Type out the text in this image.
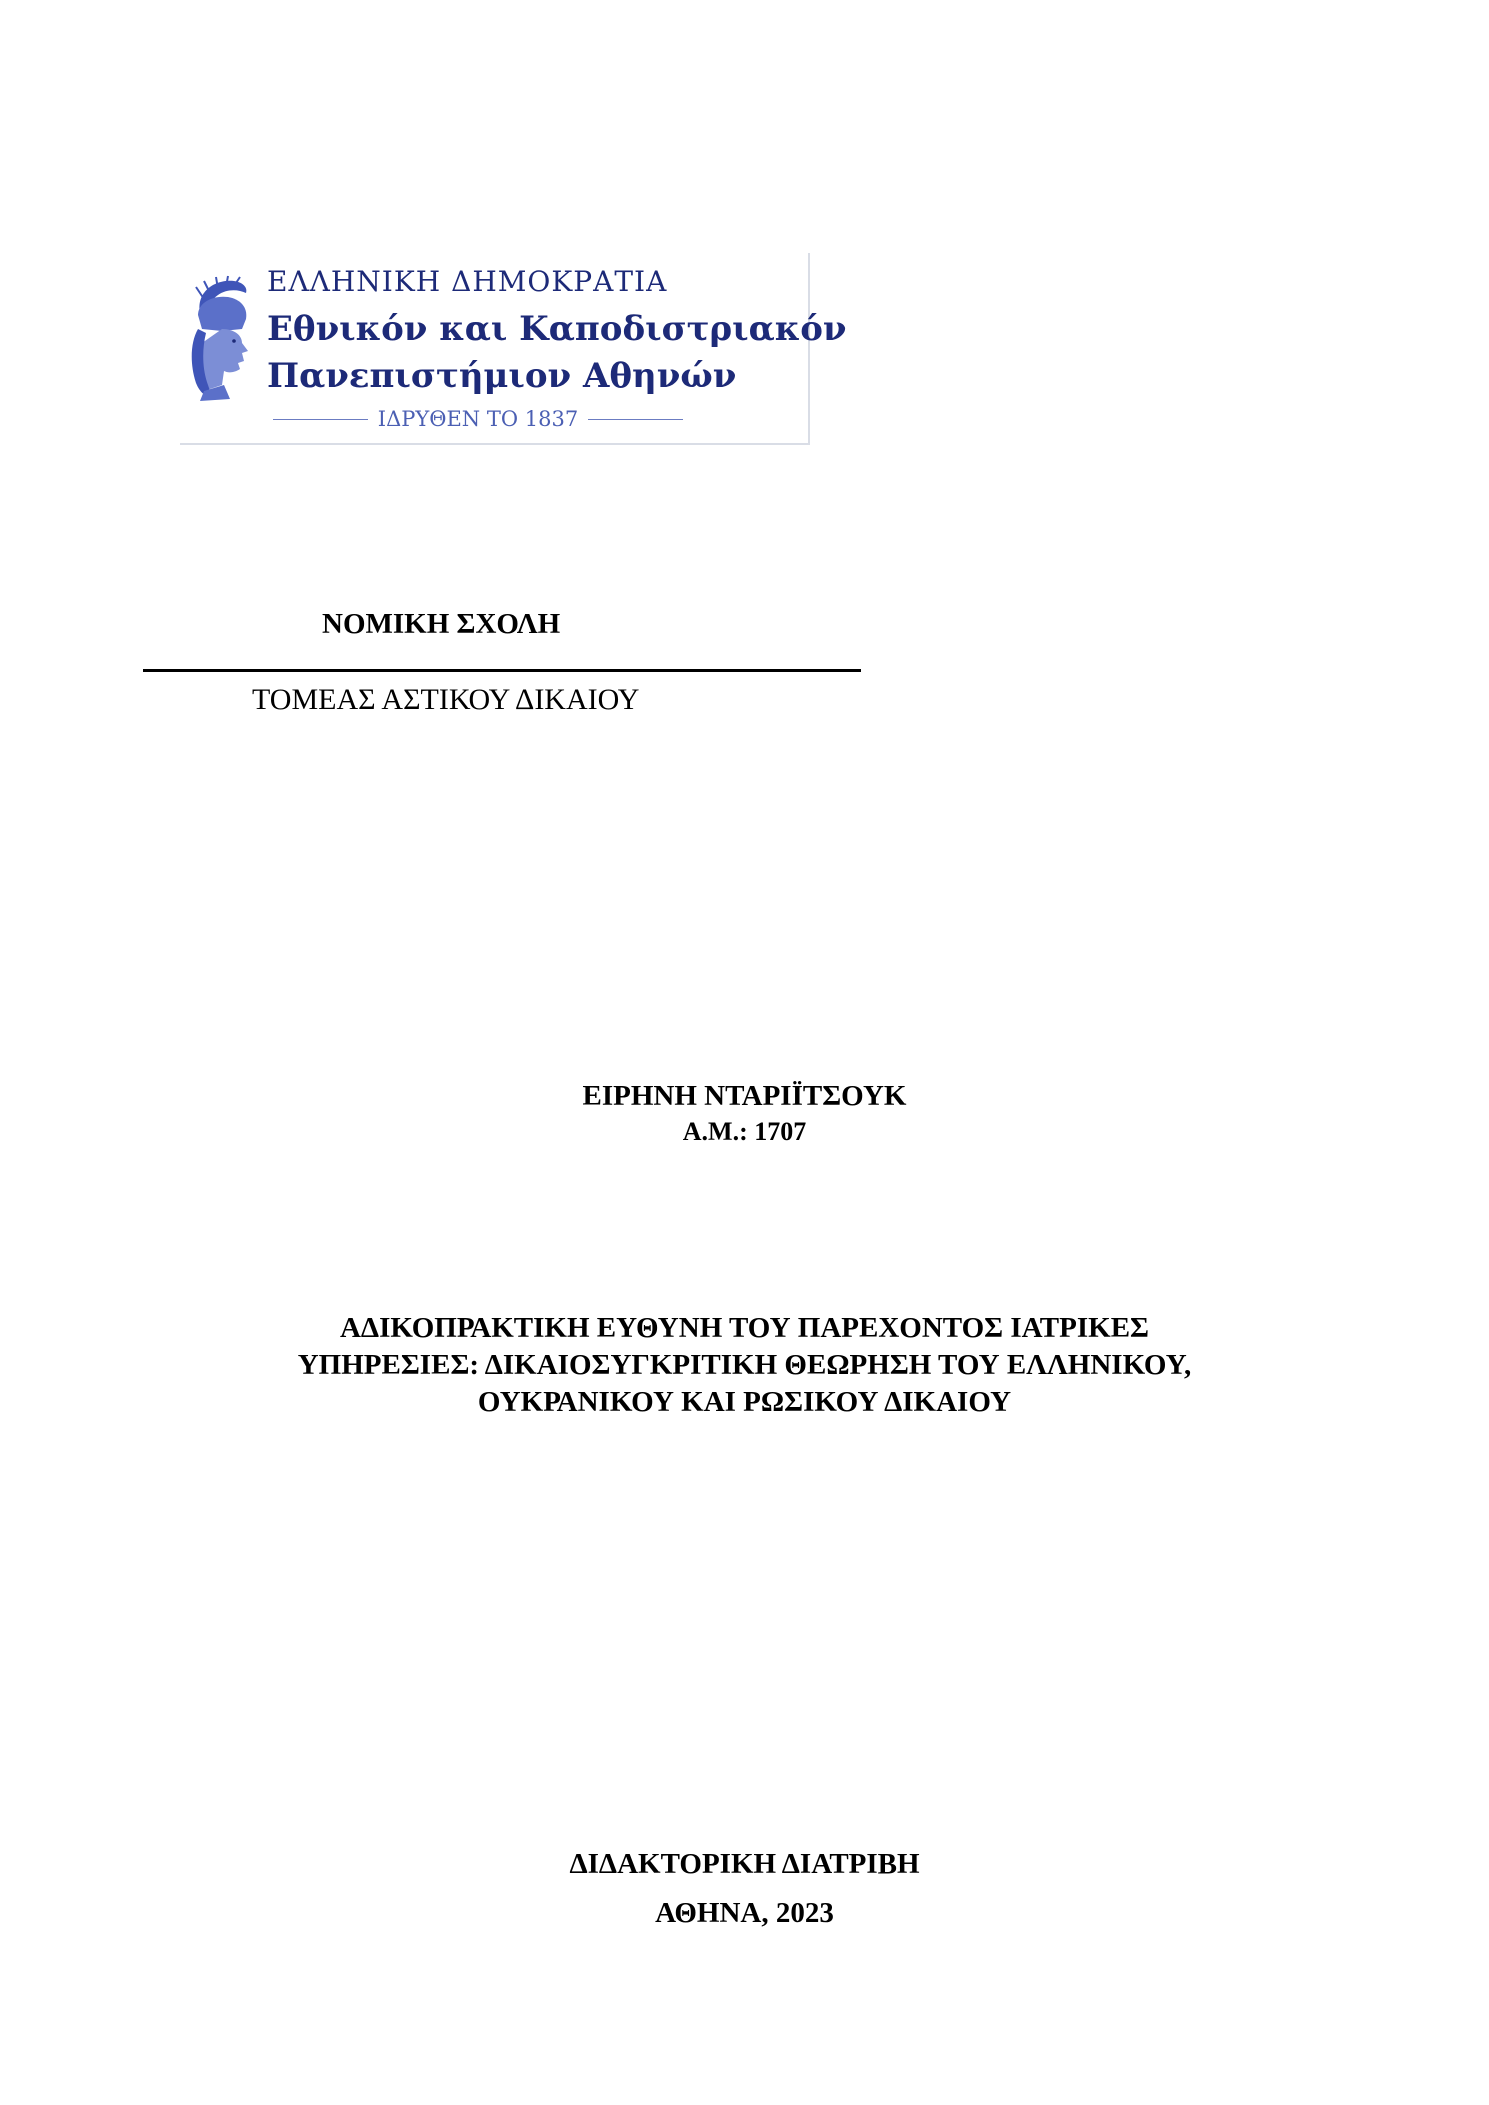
ΕΛΛΗΝΙΚΗ ΔΗΜΟΚΡΑΤΙΑ
Εθνικόν και Καποδιστριακόν
Πανεπιστήμιον Αθηνών
ΙΔΡΥΘΕΝ ΤΟ 1837
ΝΟΜΙΚΗ ΣΧΟΛΗ
ΤΟΜΕΑΣ ΑΣΤΙΚΟΥ ΔΙΚΑΙΟΥ
ΕΙΡΗΝΗ ΝΤΑΡΙΪΤΣΟΥΚ
Α.Μ.: 1707
ΑΔΙΚΟΠΡΑΚΤΙΚΗ ΕΥΘΥΝΗ ΤΟΥ ΠΑΡΕΧΟΝΤΟΣ ΙΑΤΡΙΚΕΣ
ΥΠΗΡΕΣΙΕΣ: ΔΙΚΑΙΟΣΥΓΚΡΙΤΙΚΗ ΘΕΩΡΗΣΗ ΤΟΥ ΕΛΛΗΝΙΚΟΥ,
ΟΥΚΡΑΝΙΚΟΥ ΚΑΙ ΡΩΣΙΚΟΥ ΔΙΚΑΙΟΥ
ΔΙΔΑΚΤΟΡΙΚΗ ΔΙΑΤΡΙΒΗ
ΑΘΗΝΑ, 2023
